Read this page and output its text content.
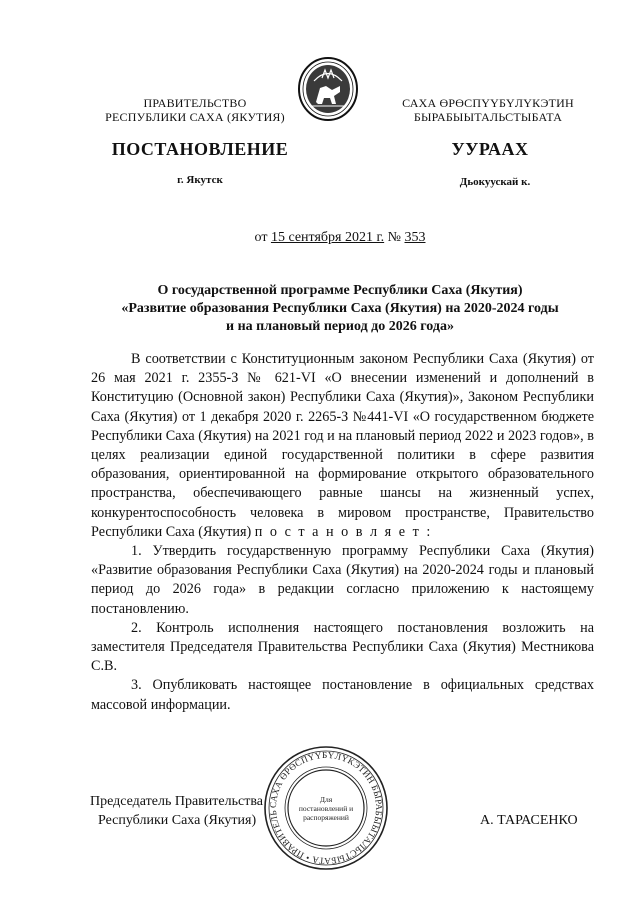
ПРАВИТЕЛЬСТВО
РЕСПУБЛИКИ САХА (ЯКУТИЯ)
САХА ӨРӨСПҮҮБҮЛҮКЭТИН
БЫРАБЫЫТАЛЬСТЫБАТА
ПОСТАНОВЛЕНИЕ	УУРААХ
г. Якутск	Дьокуускай к.
от 15 сентября 2021 г. № 353
О государственной программе Республики Саха (Якутия)
«Развитие образования Республики Саха (Якутия) на 2020-2024 годы
и на плановый период до 2026 года»

В соответствии с Конституционным законом Республики Саха (Якутия) от 26 мая 2021 г. 2355-З № 621-VI «О внесении изменений и дополнений в Конституцию (Основной закон) Республики Саха (Якутия)», Законом Республики Саха (Якутия) от 1 декабря 2020 г. 2265-З №441-VI «О государственном бюджете Республики Саха (Якутия) на 2021 год и на плановый период 2022 и 2023 годов», в целях реализации единой государственной политики в сфере развития образования, ориентированной на формирование открытого образовательного пространства, обеспечивающего равные шансы на жизненный успех, конкурентоспособность человека в мировом пространстве, Правительство Республики Саха (Якутия) п о с т а н о в л я е т :

1. Утвердить государственную программу Республики Саха (Якутия) «Развитие образования Республики Саха (Якутия) на 2020-2024 годы и плановый период до 2026 года» в редакции согласно приложению к настоящему постановлению.

2. Контроль исполнения настоящего постановления возложить на заместителя Председателя Правительства Республики Саха (Якутия) Местникова С.В.

3. Опубликовать настоящее постановление в официальных средствах массовой информации.

САХА ӨРӨСПҮҮБҮЛҮКЭТИН БЫРАБЫЫТАЛЬСТЫБАТА • ПРАВИТЕЛЬ
Для
постановлений и
распоряжений
Председатель Правительства
Республики Саха (Якутия)	А. ТАРАСЕНКО
